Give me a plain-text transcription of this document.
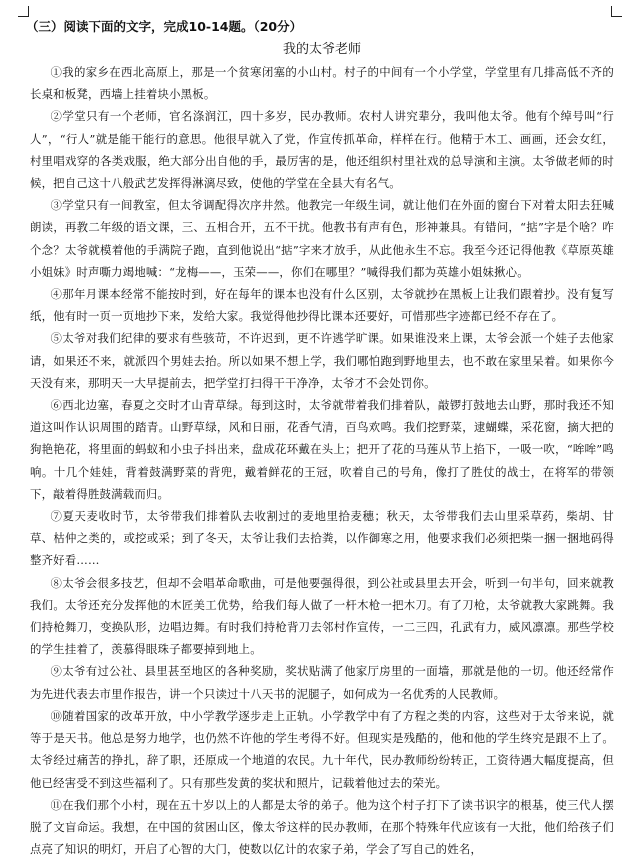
（三）阅读下面的文字，完成10-14题。（20分）
我的太爷老师

①我的家乡在西北高原上，那是一个贫寒闭塞的小山村。村子的中间有一个小学堂，学堂里有几排高低不齐的长桌和板凳，西墙上挂着块小黑板。

②学堂只有一个老师，官名涤润江，四十多岁，民办教师。农村人讲究辈分，我叫他太爷。他有个绰号叫“行人”，“行人”就是能干能行的意思。他很早就入了党，作宣传抓革命，样样在行。他精于木工、画画，还会女红，村里唱戏穿的各类戏服，绝大部分出自他的手，最厉害的是，他还组织村里社戏的总导演和主演。太爷做老师的时候，把自己这十八般武艺发挥得淋漓尽致，使他的学堂在全县大有名气。

③学堂只有一间教室，但太爷调配得次序井然。他教完一年级生词，就让他们在外面的窗台下对着太阳去狂喊朗读，再教二年级的语文课，三、五相合开，五不干扰。他教书有声有色，形神兼具。有错问，“掂”字是个啥？咋个念？太爷就模着他的手满院子跑，直到他说出“掂”字来才放手，从此他永生不忘。我至今还记得他教《草原英雄小姐妹》时声嘶力竭地喊：“龙梅——，玉荣——，你们在哪里？”喊得我们都为英雄小姐妹揪心。

④那年月课本经常不能按时到，好在每年的课本也没有什么区别，太爷就抄在黑板上让我们跟着抄。没有复写纸，他有时一页一页地抄下来，发给大家。我觉得他抄得比课本还要好，可惜那些字迹都已经不存在了。

⑤太爷对我们纪律的要求有些骇苛，不许迟到，更不许逃学旷课。如果谁没来上课，太爷会派一个娃子去他家请，如果还不来，就派四个男娃去抬。所以如果不想上学，我们哪怕跑到野地里去，也不敢在家里呆着。如果你今天没有来，那明天一大早提前去，把学堂打扫得干干净净，太爷才不会处罚你。

⑥西北边塞，春夏之交时才山青草绿。每到这时，太爷就带着我们排着队，敲锣打鼓地去山野，那时我还不知道这叫作认识周围的踏青。山野草绿，风和日丽，花香气清，百鸟欢鸣。我们挖野菜，逮蝴蝶，采花窗，摘大把的狗艳艳花，将里面的蚂蚁和小虫子抖出来，盘成花环戴在头上；把开了花的马莲从节上掐下，一吸一吹，“哞哞”鸣响。十几个娃娃，背着鼓满野菜的背兜，戴着鲜花的王冠，吹着自己的号角，像打了胜仗的战士，在将军的带领下，敲着得胜鼓满载而归。

⑦夏天麦收时节，太爷带我们排着队去收割过的麦地里拾麦穗；秋天，太爷带我们去山里采草药，柴胡、甘草、枯仲之类的，或挖或采；到了冬天，太爷让我们去拾粪，以作御寒之用，他要求我们必须把柴一捆一捆地码得整齐好看……

⑧太爷会很多技艺，但却不会唱革命歌曲，可是他要强得很，到公社或县里去开会，听到一句半句，回来就教我们。太爷还充分发挥他的木匠美工优势，给我们每人做了一杆木枪一把木刀。有了刀枪，太爷就教大家跳舞。我们持枪舞刀，变换队形，边唱边舞。有时我们持枪背刀去邻村作宣传，一二三四，孔武有力，威风凛凛。那些学校的学生挂着了，羡慕得眼珠子都要掉到地上。

⑨太爷有过公社、县里甚至地区的各种奖励，奖状贴满了他家厅房里的一面墙，那就是他的一切。他还经常作为先进代表去市里作报告，讲一个只读过十八天书的泥腿子，如何成为一名优秀的人民教师。

⑩随着国家的改革开放，中小学教学逐步走上正轨。小学教学中有了方程之类的内容，这些对于太爷来说，就等于是天书。他总是努力地学，也仍然不许他的学生考得不好。但现实是残酷的，他和他的学生终究是跟不上了。太爷经过痛苦的挣扎，辞了职，还原成一个地道的农民。九十年代，民办教师纷纷转正，工资待遇大幅度提高，但他已经害受不到这些福利了。只有那些发黄的奖状和照片，记载着他过去的荣光。

⑪在我们那个小村，现在五十岁以上的人都是太爷的弟子。他为这个村子打下了读书识字的根基，使三代人摆脱了文盲命运。我想，在中国的贫困山区，像太爷这样的民办教师，在那个特殊年代应该有一大批，他们给孩子们点亮了知识的明灯，开启了心智的大门，使数以亿计的农家子弟，学会了写自己的姓名，
